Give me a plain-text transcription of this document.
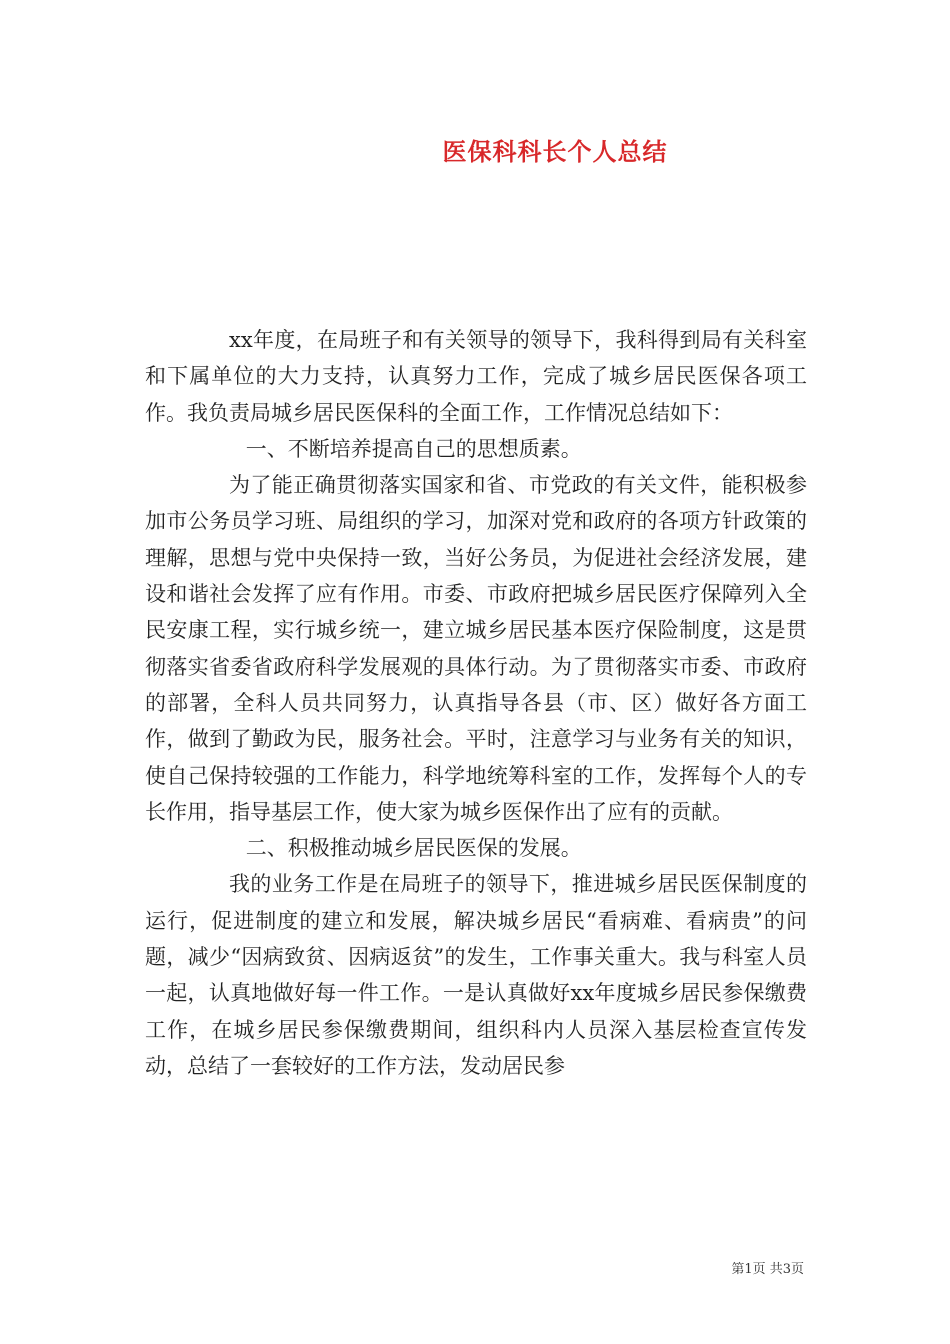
医保科科长个人总结

xx年度，在局班子和有关领导的领导下，我科得到局有关科室和下属单位的大力支持，认真努力工作，完成了城乡居民医保各项工作。我负责局城乡居民医保科的全面工作，工作情况总结如下：

一、不断培养提高自己的思想质素。

为了能正确贯彻落实国家和省、市党政的有关文件，能积极参加市公务员学习班、局组织的学习，加深对党和政府的各项方针政策的理解，思想与党中央保持一致，当好公务员，为促进社会经济发展，建设和谐社会发挥了应有作用。市委、市政府把城乡居民医疗保障列入全民安康工程，实行城乡统一，建立城乡居民基本医疗保险制度，这是贯彻落实省委省政府科学发展观的具体行动。为了贯彻落实市委、市政府的部署，全科人员共同努力，认真指导各县（市、区）做好各方面工作，做到了勤政为民，服务社会。平时，注意学习与业务有关的知识，使自己保持较强的工作能力，科学地统筹科室的工作，发挥每个人的专长作用，指导基层工作，使大家为城乡医保作出了应有的贡献。

二、积极推动城乡居民医保的发展。

我的业务工作是在局班子的领导下，推进城乡居民医保制度的运行，促进制度的建立和发展，解决城乡居民“看病难、看病贵”的问题，减少“因病致贫、因病返贫”的发生，工作事关重大。我与科室人员一起，认真地做好每一件工作。一是认真做好xx年度城乡居民参保缴费工作，在城乡居民参保缴费期间，组织科内人员深入基层检查宣传发动，总结了一套较好的工作方法，发动居民参

第1页 共3页
